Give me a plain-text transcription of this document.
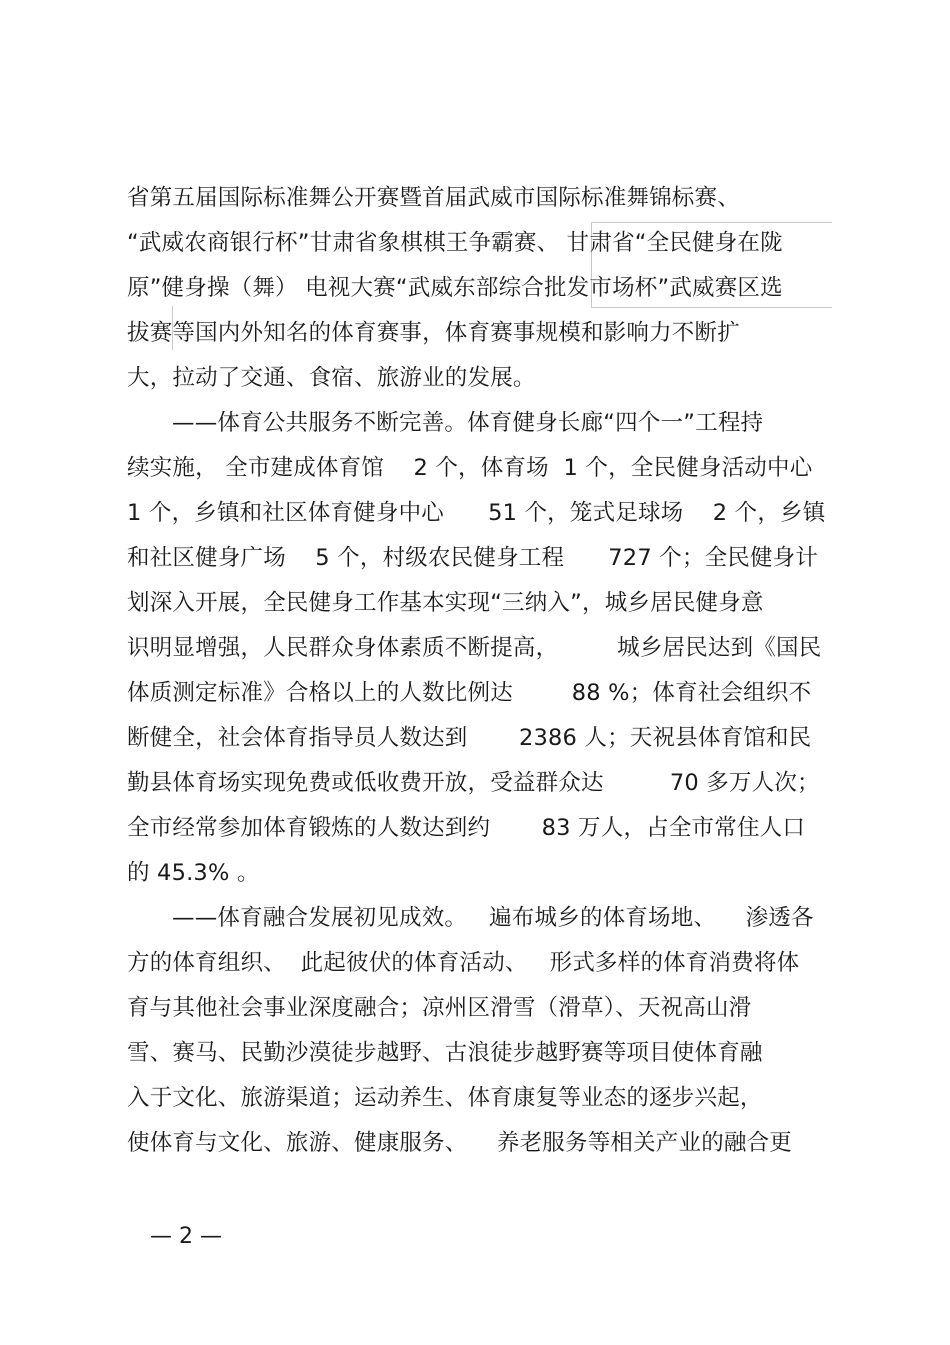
省第五届国际标准舞公开赛暨首届武威市国际标准舞锦标赛、
“武威农商银行杯”甘肃省象棋棋王争霸赛、 甘肃省“全民健身在陇
原”健身操（舞） 电视大赛“武威东部综合批发市场杯”武威赛区选
拔赛等国内外知名的体育赛事，体育赛事规模和影响力不断扩
大，拉动了交通、食宿、旅游业的发展。
——体育公共服务不断完善。体育健身长廊“四个一”工程持
续实施， 全市建成体育馆    2 个，体育场  1 个，全民健身活动中心
1 个，乡镇和社区体育健身中心      51 个，笼式足球场    2 个，乡镇
和社区健身广场    5 个，村级农民健身工程      727 个；全民健身计
划深入开展，全民健身工作基本实现“三纳入”，城乡居民健身意
识明显增强，人民群众身体素质不断提高，        城乡居民达到《国民
体质测定标准》合格以上的人数比例达        88 %；体育社会组织不
断健全，社会体育指导员人数达到       2386 人；天祝县体育馆和民
勤县体育场实现免费或低收费开放，受益群众达         70 多万人次；
全市经常参加体育锻炼的人数达到约       83 万人，占全市常住人口
的 45.3% 。
——体育融合发展初见成效。   遍布城乡的体育场地、    渗透各
方的体育组织、  此起彼伏的体育活动、   形式多样的体育消费将体
育与其他社会事业深度融合；凉州区滑雪（滑草）、天祝高山滑
雪、赛马、民勤沙漠徒步越野、古浪徒步越野赛等项目使体育融
入于文化、旅游渠道；运动养生、体育康复等业态的逐步兴起，
使体育与文化、旅游、健康服务、    养老服务等相关产业的融合更
— 2 —
